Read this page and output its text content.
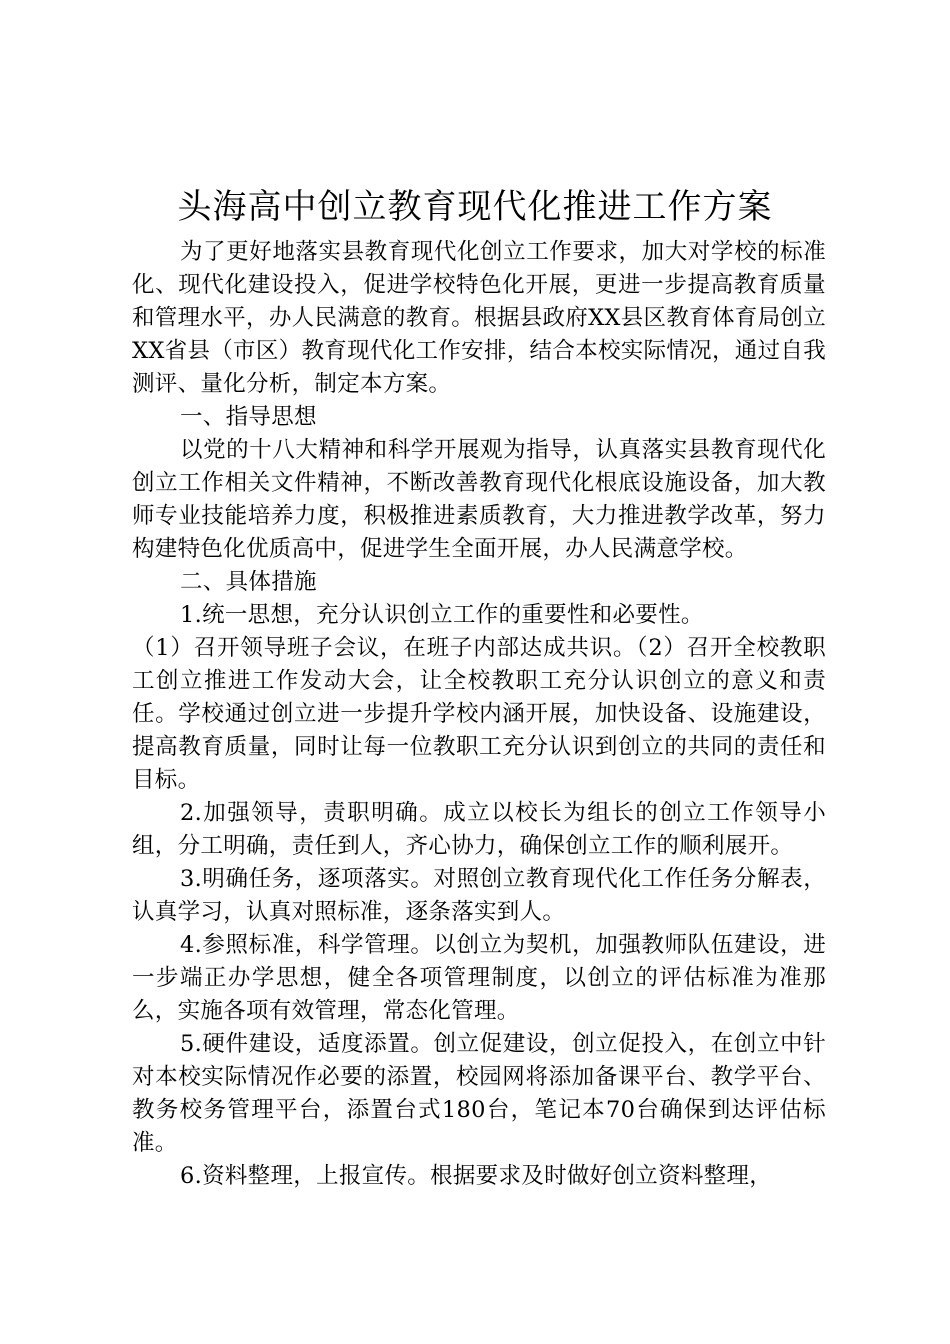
头海高中创立教育现代化推进工作方案

为了更好地落实县教育现代化创立工作要求，加大对学校的标准化、现代化建设投入，促进学校特色化开展，更进一步提高教育质量和管理水平，办人民满意的教育。根据县政府XX县区教育体育局创立XX省县（市区）教育现代化工作安排，结合本校实际情况，通过自我测评、量化分析，制定本方案。

一、指导思想

以党的十八大精神和科学开展观为指导，认真落实县教育现代化创立工作相关文件精神，不断改善教育现代化根底设施设备，加大教师专业技能培养力度，积极推进素质教育，大力推进教学改革，努力构建特色化优质高中，促进学生全面开展，办人民满意学校。

二、具体措施

1.统一思想，充分认识创立工作的重要性和必要性。

（1）召开领导班子会议，在班子内部达成共识。（2）召开全校教职工创立推进工作发动大会，让全校教职工充分认识创立的意义和责任。学校通过创立进一步提升学校内涵开展，加快设备、设施建设，提高教育质量，同时让每一位教职工充分认识到创立的共同的责任和目标。

2.加强领导，责职明确。成立以校长为组长的创立工作领导小组，分工明确，责任到人，齐心协力，确保创立工作的顺利展开。

3.明确任务，逐项落实。对照创立教育现代化工作任务分解表，认真学习，认真对照标准，逐条落实到人。

4.参照标准，科学管理。以创立为契机，加强教师队伍建设，进一步端正办学思想，健全各项管理制度，以创立的评估标准为准那么，实施各项有效管理，常态化管理。

5.硬件建设，适度添置。创立促建设，创立促投入，在创立中针对本校实际情况作必要的添置，校园网将添加备课平台、教学平台、教务校务管理平台，添置台式180台，笔记本70台确保到达评估标准。

6.资料整理，上报宣传。根据要求及时做好创立资料整理，
